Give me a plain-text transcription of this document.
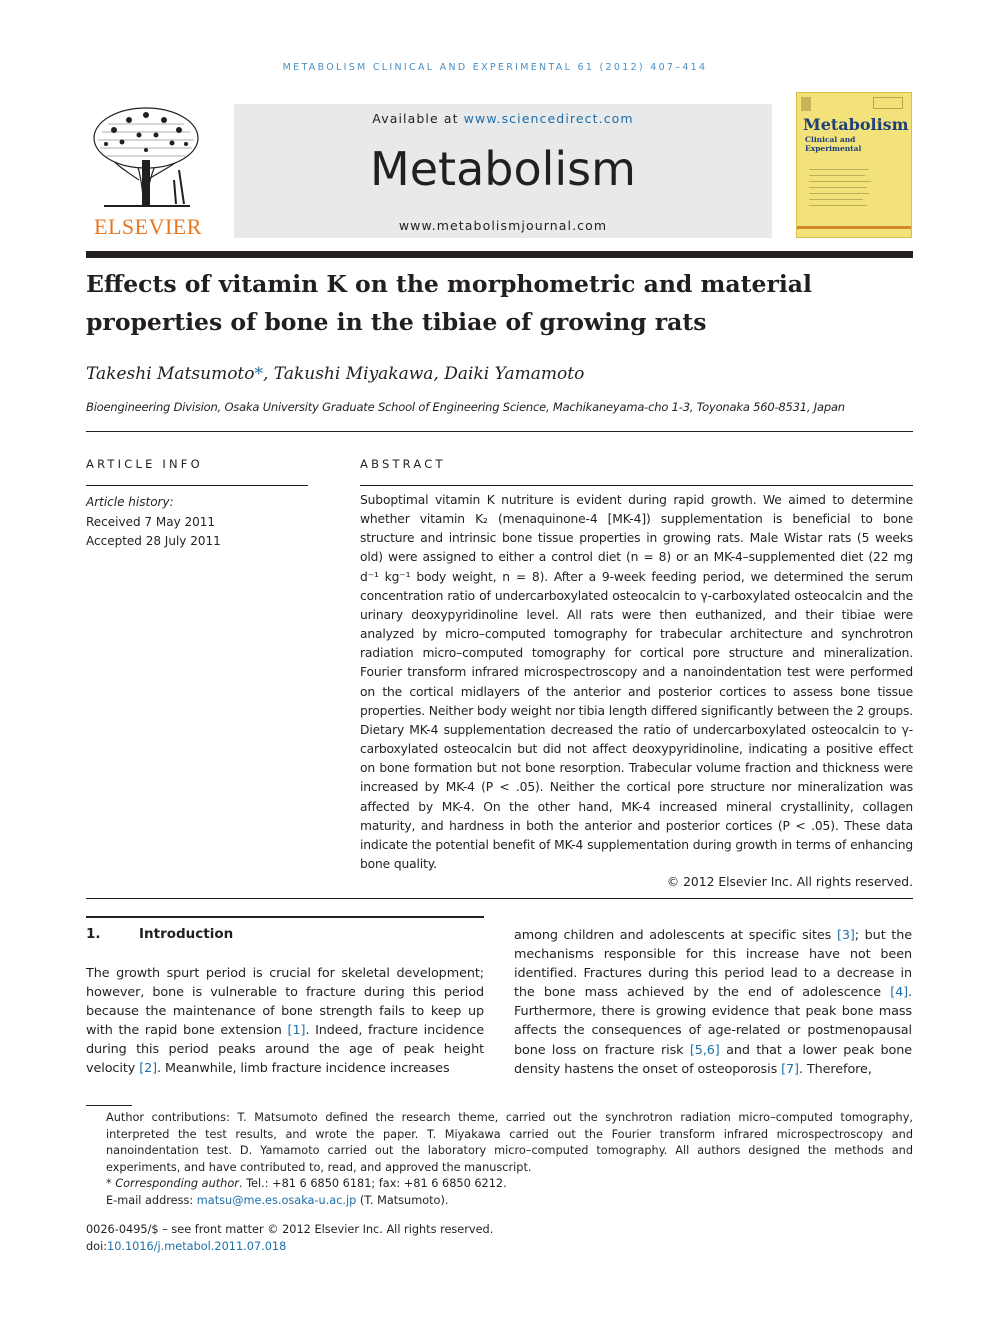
METABOLISM CLINICAL AND EXPERIMENTAL 61 (2012) 407–414
ELSEVIER
Available at www.sciencedirect.com
Metabolism
www.metabolismjournal.com
Metabolism
Clinical and Experimental
Effects of vitamin K on the morphometric and material
properties of bone in the tibiae of growing rats
Takeshi Matsumoto*, Takushi Miyakawa, Daiki Yamamoto
Bioengineering Division, Osaka University Graduate School of Engineering Science, Machikaneyama-cho 1-3, Toyonaka 560-8531, Japan
ARTICLE INFO
Article history:
Received 7 May 2011
Accepted 28 July 2011
ABSTRACT
Suboptimal vitamin K nutriture is evident during rapid growth. We aimed to determine whether vitamin K₂ (menaquinone-4 [MK-4]) supplementation is beneficial to bone structure and intrinsic bone tissue properties in growing rats. Male Wistar rats (5 weeks old) were assigned to either a control diet (n = 8) or an MK-4–supplemented diet (22 mg d⁻¹ kg⁻¹ body weight, n = 8). After a 9-week feeding period, we determined the serum concentration ratio of undercarboxylated osteocalcin to γ-carboxylated osteocalcin and the urinary deoxypyridinoline level. All rats were then euthanized, and their tibiae were analyzed by micro–computed tomography for trabecular architecture and synchrotron radiation micro–computed tomography for cortical pore structure and mineralization. Fourier transform infrared microspectroscopy and a nanoindentation test were performed on the cortical midlayers of the anterior and posterior cortices to assess bone tissue properties. Neither body weight nor tibia length differed significantly between the 2 groups. Dietary MK-4 supplementation decreased the ratio of undercarboxylated osteocalcin to γ-carboxylated osteocalcin but did not affect deoxypyridinoline, indicating a positive effect on bone formation but not bone resorption. Trabecular volume fraction and thickness were increased by MK-4 (P < .05). Neither the cortical pore structure nor mineralization was affected by MK-4. On the other hand, MK-4 increased mineral crystallinity, collagen maturity, and hardness in both the anterior and posterior cortices (P < .05). These data indicate the potential benefit of MK-4 supplementation during growth in terms of enhancing bone quality.
© 2012 Elsevier Inc. All rights reserved.
1.	Introduction
The growth spurt period is crucial for skeletal development; however, bone is vulnerable to fracture during this period because the maintenance of bone strength fails to keep up with the rapid bone extension [1]. Indeed, fracture incidence during this period peaks around the age of peak height velocity [2]. Meanwhile, limb fracture incidence increases
among children and adolescents at specific sites [3]; but the mechanisms responsible for this increase have not been identified. Fractures during this period lead to a decrease in the bone mass achieved by the end of adolescence [4]. Furthermore, there is growing evidence that peak bone mass affects the consequences of age-related or postmenopausal bone loss on fracture risk [5,6] and that a lower peak bone density hastens the onset of osteoporosis [7]. Therefore,
Author contributions: T. Matsumoto defined the research theme, carried out the synchrotron radiation micro–computed tomography, interpreted the test results, and wrote the paper. T. Miyakawa carried out the Fourier transform infrared microspectroscopy and nanoindentation test. D. Yamamoto carried out the laboratory micro–computed tomography. All authors designed the methods and experiments, and have contributed to, read, and approved the manuscript.
* Corresponding author. Tel.: +81 6 6850 6181; fax: +81 6 6850 6212.
E-mail address: matsu@me.es.osaka-u.ac.jp (T. Matsumoto).
0026-0495/$ – see front matter © 2012 Elsevier Inc. All rights reserved.
doi:10.1016/j.metabol.2011.07.018
